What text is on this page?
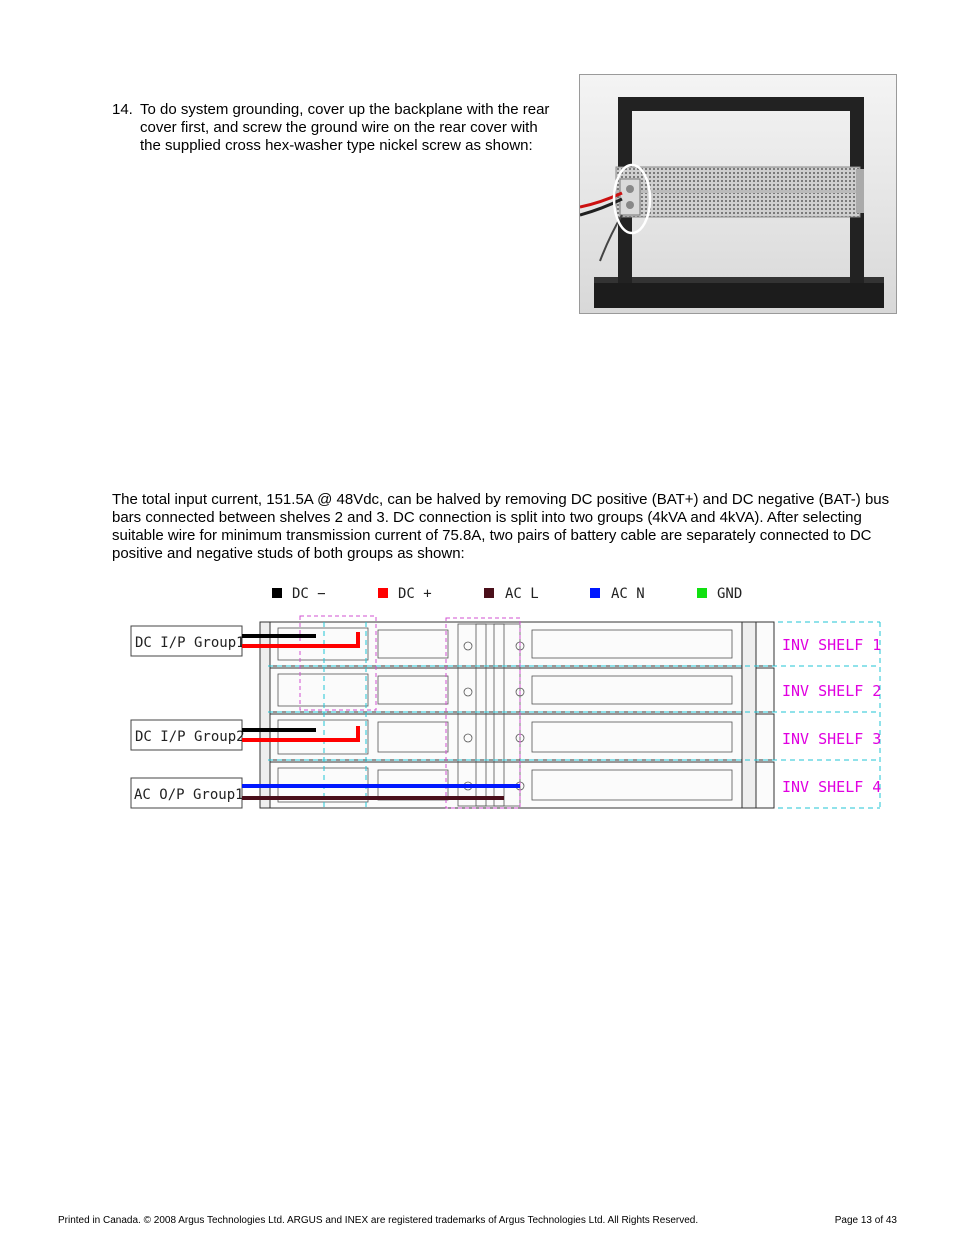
14. To do system grounding, cover up the backplane with the rear cover first, and screw the ground wire on the rear cover with the supplied cross hex-washer type nickel screw as shown:
The total input current, 151.5A @ 48Vdc, can be halved by removing DC positive (BAT+) and DC negative (BAT-) bus bars connected between shelves 2 and 3. DC connection is split into two groups (4kVA and 4kVA). After selecting suitable wire for minimum transmission current of 75.8A, two pairs of battery cable are separately connected to DC positive and negative studs of both groups as shown:
DC −	DC +	AC L	AC N	GND
DC I/P Group1
DC I/P Group2
AC O/P Group1
INV SHELF 1
INV SHELF 2
INV SHELF 3
INV SHELF 4
Printed in Canada. © 2008 Argus Technologies Ltd. ARGUS and INEX are registered trademarks of Argus Technologies Ltd. All Rights Reserved.	Page 13 of 43
